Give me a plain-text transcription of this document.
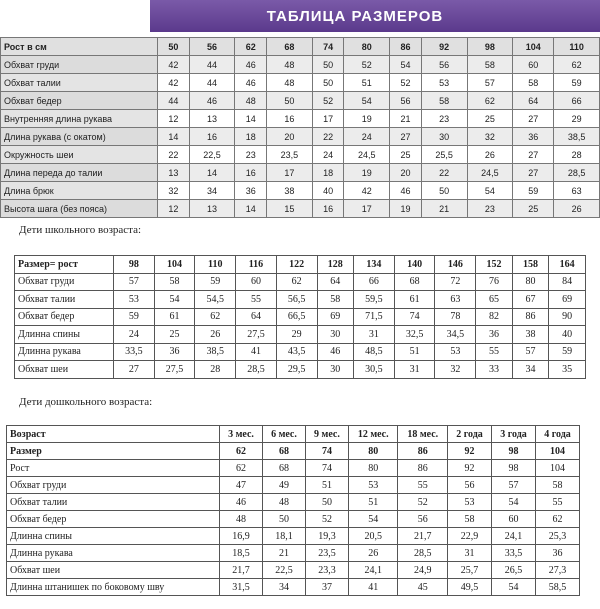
ТАБЛИЦА РАЗМЕРОВ
Рост в см	50	56	62	68	74	80	86	92	98	104	110
Обхват груди	42	44	46	48	50	52	54	56	58	60	62
Обхват талии	42	44	46	48	50	51	52	53	57	58	59
Обхват бедер	44	46	48	50	52	54	56	58	62	64	66
Внутренняя длина рукава	12	13	14	16	17	19	21	23	25	27	29
Длина рукава (с окатом)	14	16	18	20	22	24	27	30	32	36	38,5
Окружность шеи	22	22,5	23	23,5	24	24,5	25	25,5	26	27	28
Длина переда до талии	13	14	16	17	18	19	20	22	24,5	27	28,5
Длина брюк	32	34	36	38	40	42	46	50	54	59	63
Высота шага (без пояса)	12	13	14	15	16	17	19	21	23	25	26
Дети школьного возраста:
Размер= рост	98	104	110	116	122	128	134	140	146	152	158	164
Обхват груди	57	58	59	60	62	64	66	68	72	76	80	84
Обхват талии	53	54	54,5	55	56,5	58	59,5	61	63	65	67	69
Обхват бедер	59	61	62	64	66,5	69	71,5	74	78	82	86	90
Длинна спины	24	25	26	27,5	29	30	31	32,5	34,5	36	38	40
Длинна рукава	33,5	36	38,5	41	43,5	46	48,5	51	53	55	57	59
Обхват шеи	27	27,5	28	28,5	29,5	30	30,5	31	32	33	34	35
Дети дошкольного возраста:
Возраст	3 мес.	6 мес.	9 мес.	12 мес.	18 мес.	2 года	3 года	4 года
Размер	62	68	74	80	86	92	98	104
Рост	62	68	74	80	86	92	98	104
Обхват груди	47	49	51	53	55	56	57	58
Обхват талии	46	48	50	51	52	53	54	55
Обхват бедер	48	50	52	54	56	58	60	62
Длинна спины	16,9	18,1	19,3	20,5	21,7	22,9	24,1	25,3
Длинна рукава	18,5	21	23,5	26	28,5	31	33,5	36
Обхват шеи	21,7	22,5	23,3	24,1	24,9	25,7	26,5	27,3
Длинна штанишек по боковому шву	31,5	34	37	41	45	49,5	54	58,5
